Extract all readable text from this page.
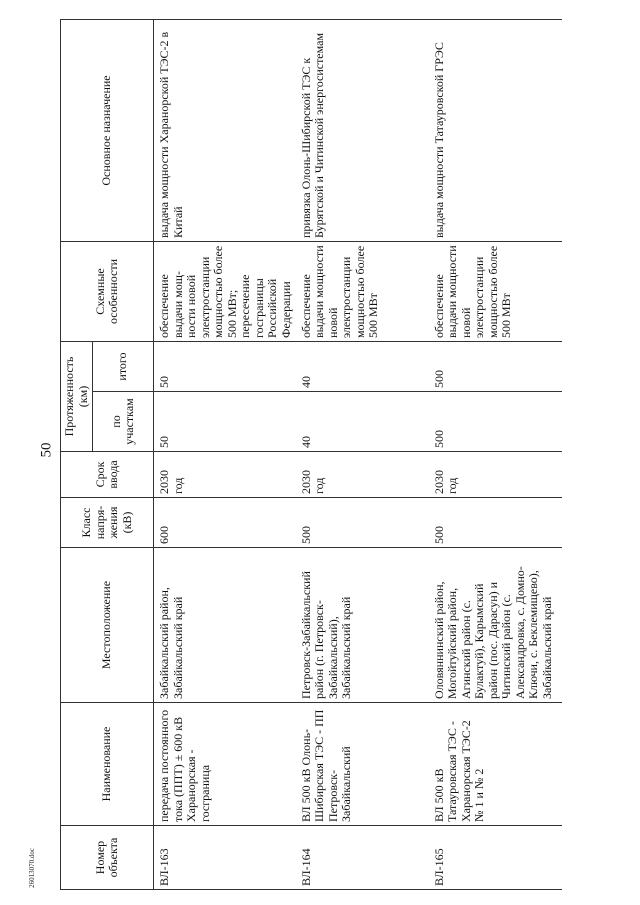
50
26013070.doc	Номер объекта	Наименование	Местоположение	Класс напря-жения (кВ)	Срок ввода	Протяженность (км)		Схемные особенности	Основное назначение
					по участкам	итого		
ВЛ-163	передача постоянного тока (ППТ) ± 600 кВ Харанорская - госграница	Забайкальский район, Забайкальский край	600	2030 год	50	50	обеспечение выдачи мощ-ности новой электростанции мощностью более 500 МВт; пересечение госграницы Российской Федерации	выдача мощности Харанорской ТЭС-2 в Китай
ВЛ-164	ВЛ 500 кВ Олонь-Шибирская ТЭС - ПП Петровск-Забайкальский	Петровск-Забайкальский район (г. Петровск-Забайкальский), Забайкальский край	500	2030 год	40	40	обеспечение выдачи мощности новой электростанции мощностью более 500 МВт	привязка Олонь-Шибирской ТЭС к Бурятской и Читинской энергосистемам
ВЛ-165	ВЛ 500 кВ Татауровская ТЭС - Харанорская ТЭС-2 № 1 и № 2	Оловяннинский район, Могойтуйский район, Агинский район (с. Булактуй), Карымский район (пос. Дарасун) и Читинский район (с. Александровка, с. Домно-Ключи, с. Беклемищево), Забайкальский край	500	2030 год	500	500	обеспечение выдачи мощности новой электростанции мощностью более 500 МВт	выдача мощности Татауровской ГРЭС
